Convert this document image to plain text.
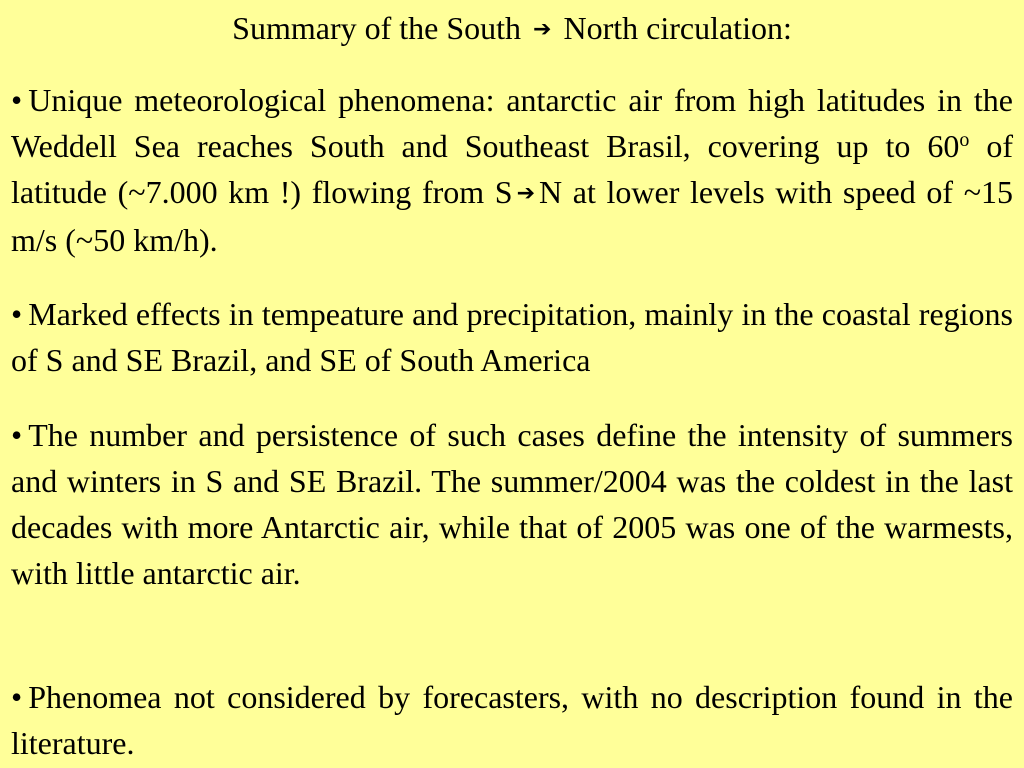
Summary of the South ➔ North circulation:
• Unique meteorological phenomena: antarctic air from high latitudes in the Weddell Sea reaches South and Southeast Brasil, covering up to 60$^o$ of latitude (~7.000 km !) flowing from S ➔ N at lower levels with speed of ~15 m/s (~50 km/h).
• Marked effects in tempeature and precipitation, mainly in the coastal regions of S and SE Brazil, and SE of South America
• The number and persistence of such cases define the intensity of summers and winters in S and SE Brazil. The summer/2004 was the coldest in the last decades with more Antarctic air, while that of 2005 was one of the warmests, with little antarctic air.
• Phenomea not considered by forecasters, with no description found in the literature.
